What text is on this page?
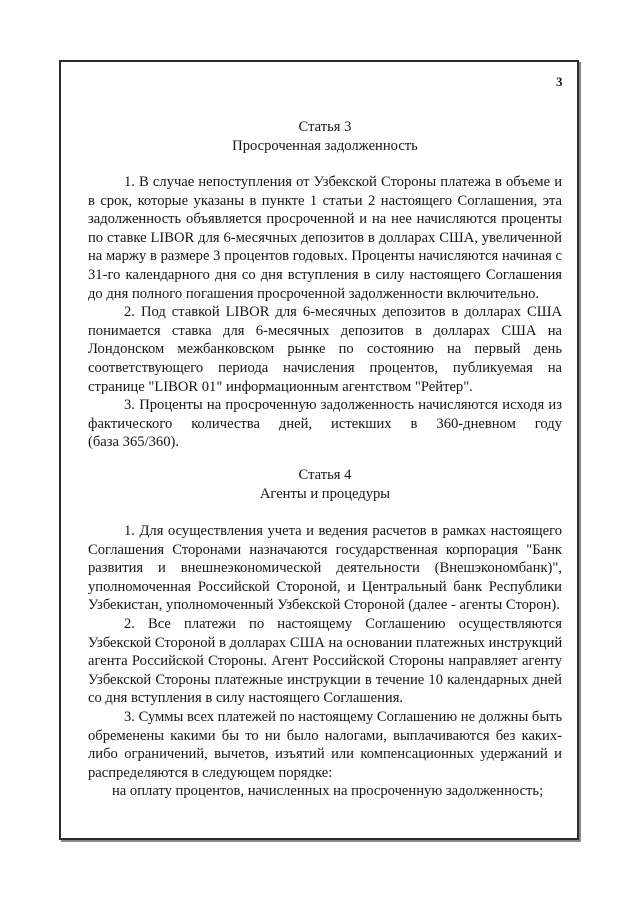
3
Статья 3
Просроченная задолженность
1. В случае непоступления от Узбекской Стороны платежа в объеме и
в срок, которые указаны в пункте 1 статьи 2 настоящего Соглашения, эта
задолженность объявляется просроченной и на нее начисляются проценты
по ставке LIBOR для 6-месячных депозитов в долларах США, увеличенной
на маржу в размере 3 процентов годовых. Проценты начисляются начиная с
31-го календарного дня со дня вступления в силу настоящего Соглашения
до дня полного погашения просроченной задолженности включительно.
2. Под ставкой LIBOR для 6-месячных депозитов в долларах США
понимается ставка для 6-месячных депозитов в долларах США на
Лондонском межбанковском рынке по состоянию на первый день
соответствующего периода начисления процентов, публикуемая на
странице "LIBOR 01" информационным агентством "Рейтер".
3. Проценты на просроченную задолженность начисляются исходя из
фактического количества дней, истекших в 360-дневном году
(база 365/360).
Статья 4
Агенты и процедуры
1. Для осуществления учета и ведения расчетов в рамках настоящего
Соглашения Сторонами назначаются государственная корпорация "Банк
развития и внешнеэкономической деятельности (Внешэкономбанк)",
уполномоченная Российской Стороной, и Центральный банк Республики
Узбекистан, уполномоченный Узбекской Стороной (далее - агенты Сторон).
2. Все платежи по настоящему Соглашению осуществляются
Узбекской Стороной в долларах США на основании платежных инструкций
агента Российской Стороны. Агент Российской Стороны направляет агенту
Узбекской Стороны платежные инструкции в течение 10 календарных дней
со дня вступления в силу настоящего Соглашения.
3. Суммы всех платежей по настоящему Соглашению не должны быть
обременены какими бы то ни было налогами, выплачиваются без каких-
либо ограничений, вычетов, изъятий или компенсационных удержаний и
распределяются в следующем порядке:

на оплату процентов, начисленных на просроченную задолженность;
